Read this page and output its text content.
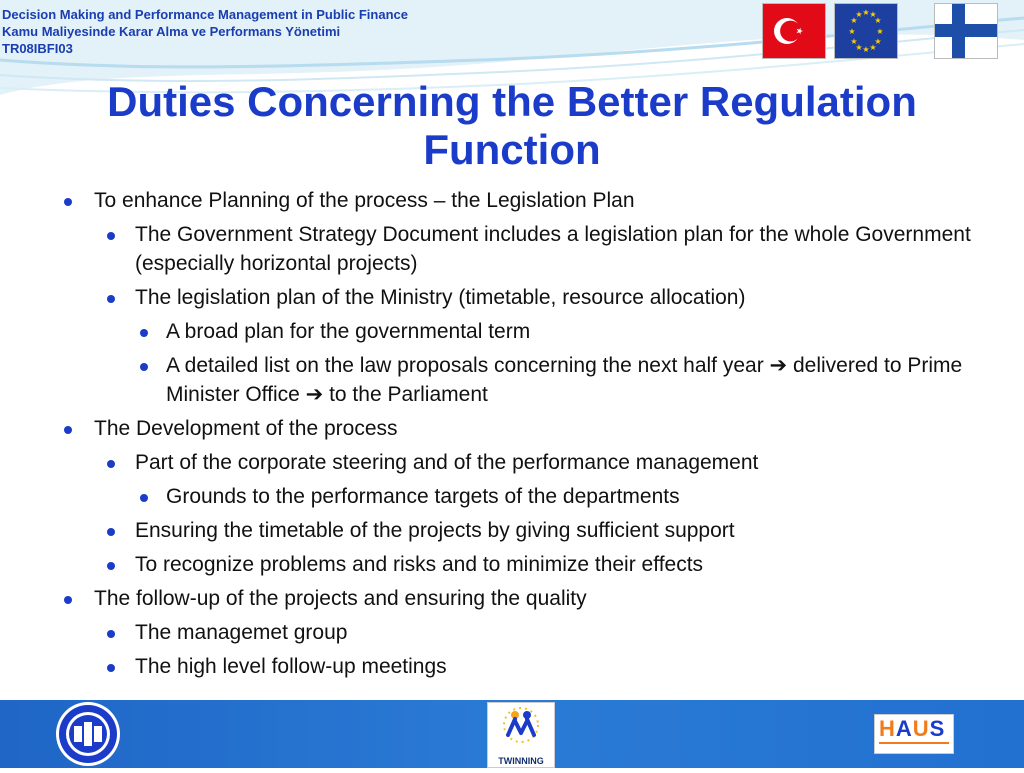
Decision Making and Performance Management in Public Finance
Kamu Maliyesinde Karar Alma ve Performans Yönetimi
TR08IBFI03
★ ★
★
★
★
★
★
★
★
★
★
★
Duties Concerning the Better Regulation Function
To enhance Planning of the process – the Legislation Plan
The Government Strategy Document includes a legislation plan for the whole Government (especially horizontal projects)
The legislation plan of the Ministry (timetable, resource allocation)
A broad plan for the governmental term
A detailed list on the law proposals concerning the next half year ➔ delivered to Prime Minister Office ➔ to the Parliament
The Development of the process
Part of the corporate steering and of the performance management
Grounds to the performance targets of the departments
Ensuring the timetable of the projects by giving sufficient support
To recognize problems and risks and to minimize their effects
The follow-up of the projects and ensuring the quality
The managemet group
The high level follow-up meetings
TWINNING
HAUS
